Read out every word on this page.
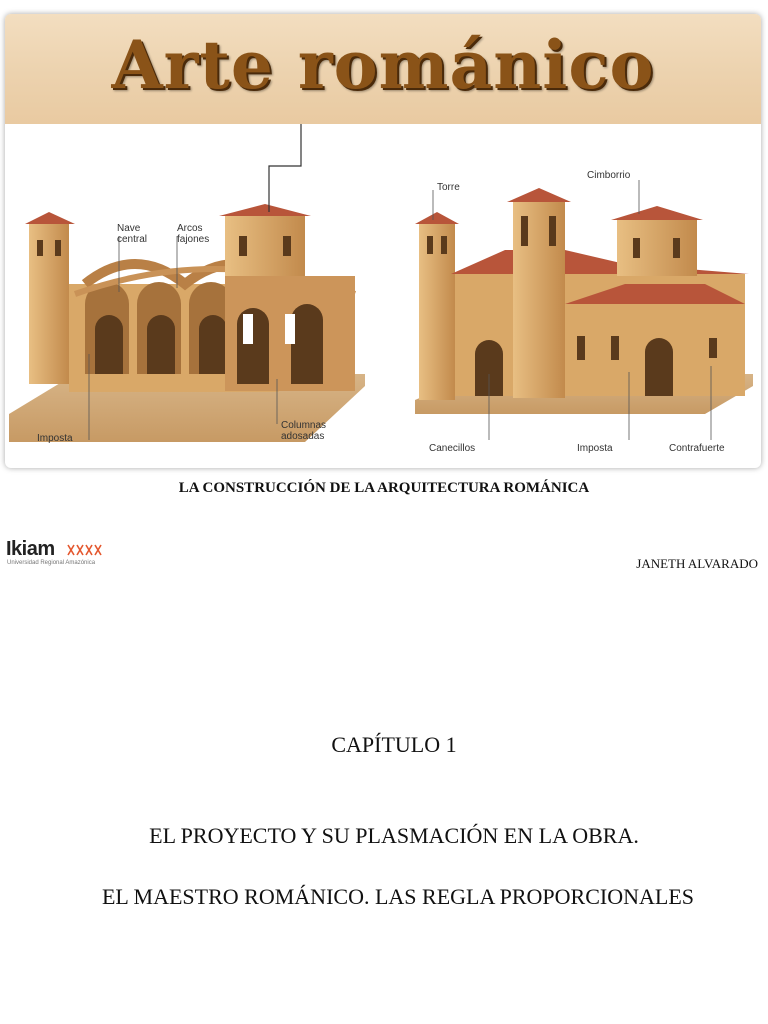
Arte románico
Nave
central
Arcos
fajones
Imposta
Columnas
adosadas
Torre
Cimborrio
Canecillos	Imposta	Contrafuerte
LA CONSTRUCCIÓN DE LA ARQUITECTURA ROMÁNICA
Ikiam
Universidad Regional Amazónica	JANETH ALVARADO
CAPÍTULO 1
EL PROYECTO Y SU PLASMACIÓN EN LA OBRA.
EL MAESTRO ROMÁNICO. LAS REGLA PROPORCIONALES
